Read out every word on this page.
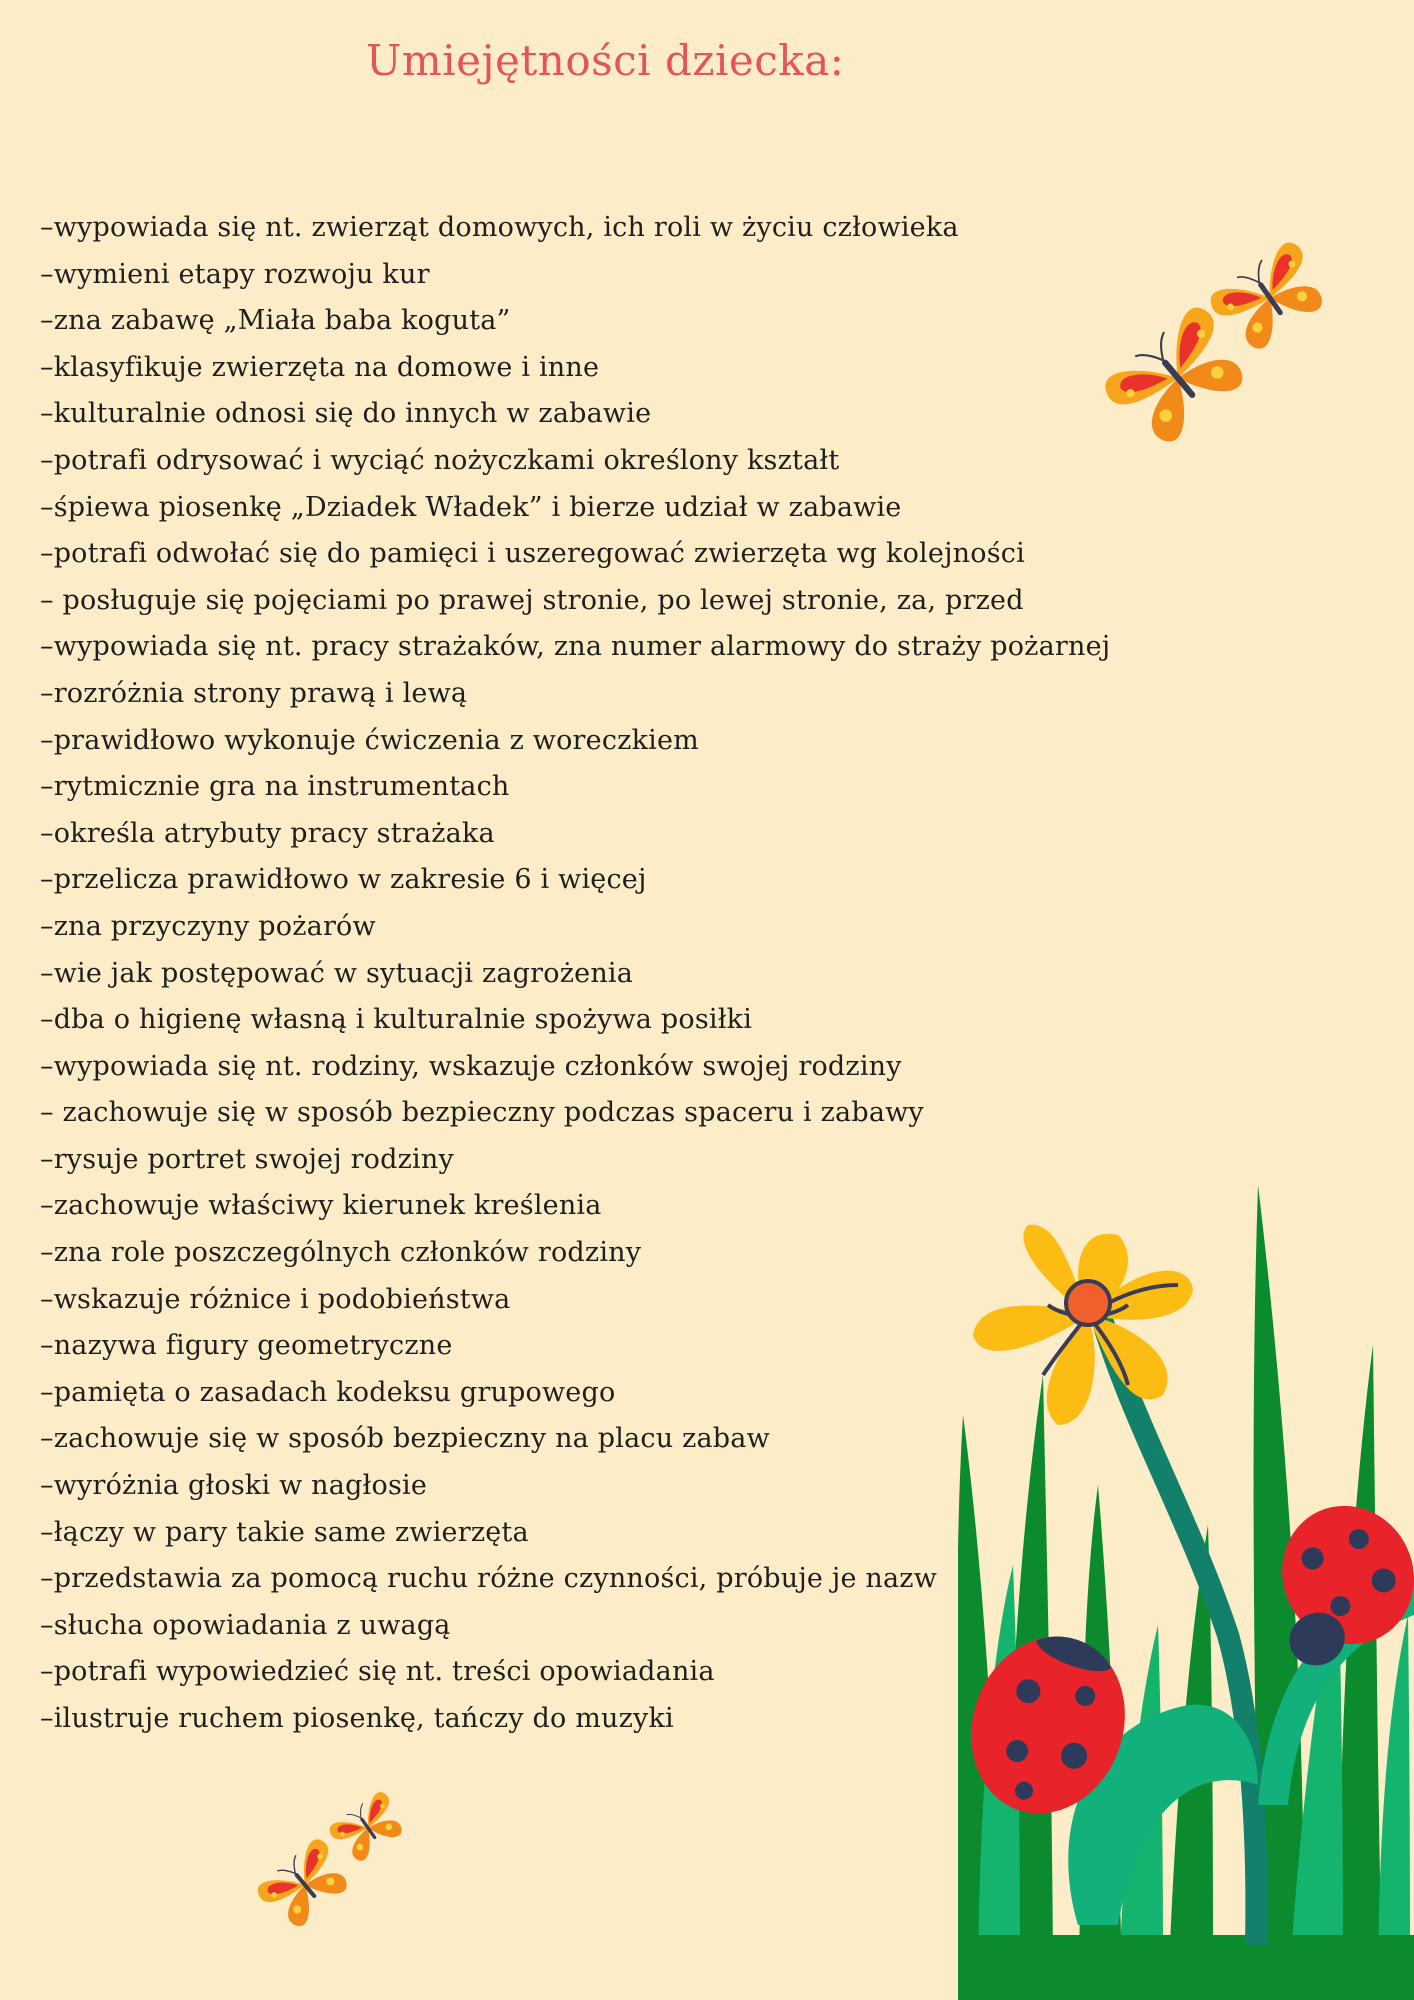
Umiejętności dziecka:
–wypowiada się nt. zwierząt domowych, ich roli w życiu człowieka
–wymieni etapy rozwoju kur
–zna zabawę „Miała baba koguta”
–klasyfikuje zwierzęta na domowe i inne
–kulturalnie odnosi się do innych w zabawie
–potrafi odrysować i wyciąć nożyczkami określony kształt
–śpiewa piosenkę „Dziadek Władek” i bierze udział w zabawie
–potrafi odwołać się do pamięci i uszeregować zwierzęta wg kolejności
– posługuje się pojęciami po prawej stronie, po lewej stronie, za, przed
–wypowiada się nt. pracy strażaków, zna numer alarmowy do straży pożarnej
–rozróżnia strony prawą i lewą
–prawidłowo wykonuje ćwiczenia z woreczkiem
–rytmicznie gra na instrumentach
–określa atrybuty pracy strażaka
–przelicza prawidłowo w zakresie 6 i więcej
–zna przyczyny pożarów
–wie jak postępować w sytuacji zagrożenia
–dba o higienę własną i kulturalnie spożywa posiłki
–wypowiada się nt. rodziny, wskazuje członków swojej rodziny
– zachowuje się w sposób bezpieczny podczas spaceru i zabawy
–rysuje portret swojej rodziny
–zachowuje właściwy kierunek kreślenia
–zna role poszczególnych członków rodziny
–wskazuje różnice i podobieństwa
–nazywa figury geometryczne
–pamięta o zasadach kodeksu grupowego
–zachowuje się w sposób bezpieczny na placu zabaw
–wyróżnia głoski w nagłosie
–łączy w pary takie same zwierzęta
–przedstawia za pomocą ruchu różne czynności, próbuje je nazw
–słucha opowiadania z uwagą
–potrafi wypowiedzieć się nt. treści opowiadania
–ilustruje ruchem piosenkę, tańczy do muzyki
